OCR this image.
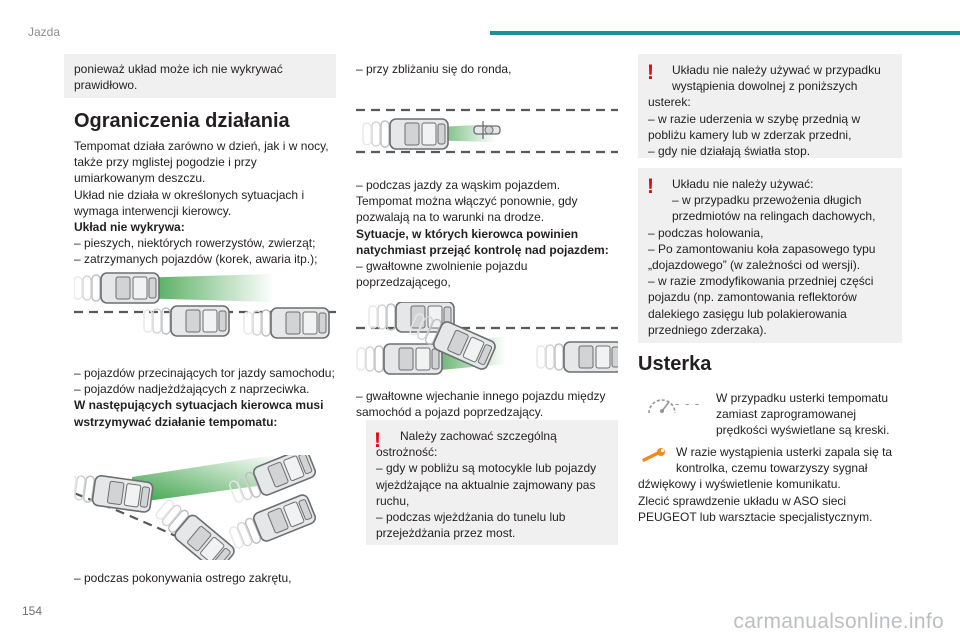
Jazda

ponieważ układ może ich nie wykrywać prawidłowo.

Ograniczenia działania

Tempomat działa zarówno w dzień, jak i w nocy, także przy mglistej pogodzie i przy umiarkowanym deszczu.

Układ nie działa w określonych sytuacjach i wymaga interwencji kierowcy.

Układ nie wykrywa:

– pieszych, niektórych rowerzystów, zwierząt;

– zatrzymanych pojazdów (korek, awaria itp.);

– pojazdów przecinających tor jazdy samochodu;

– pojazdów nadjeżdżających z naprzeciwka.

W następujących sytuacjach kierowca musi wstrzymywać działanie tempomatu:

– podczas pokonywania ostrego zakrętu,

– przy zbliżaniu się do ronda,

– podczas jazdy za wąskim pojazdem.

Tempomat można włączyć ponownie, gdy pozwalają na to warunki na drodze.

Sytuacje, w których kierowca powinien natychmiast przejąć kontrolę nad pojazdem:

– gwałtowne zwolnienie pojazdu poprzedzającego,

– gwałtowne wjechanie innego pojazdu między samochód a pojazd poprzedzający.

!	Należy zachować szczególną ostrożność:

– gdy w pobliżu są motocykle lub pojazdy wjeżdżające na aktualnie zajmowany pas ruchu,

– podczas wjeżdżania do tunelu lub przejeżdżania przez most.

!	Układu nie należy używać w przypadku wystąpienia dowolnej z poniższych

usterek:

– w razie uderzenia w szybę przednią w pobliżu kamery lub w zderzak przedni,

– gdy nie działają światła stop.

!	Układu nie należy używać:

– w przypadku przewożenia długich przedmiotów na relingach dachowych,

– podczas holowania,

– Po zamontowaniu koła zapasowego typu „dojazdowego” (w zależności od wersji).

– w razie zmodyfikowania przedniej części pojazdu (np. zamontowania reflektorów dalekiego zasięgu lub polakierowania przedniego zderzaka).

Usterka
- - - W przypadku usterki tempomatu zamiast zaprogramowanej prędkości wyświetlane są kreski.

W razie wystąpienia usterki zapala się ta kontrolka, czemu towarzyszy sygnał

dźwiękowy i wyświetlenie komunikatu.

Zlecić sprawdzenie układu w ASO sieci PEUGEOT lub warsztacie specjalistycznym.

154	carmanualsonline.info
